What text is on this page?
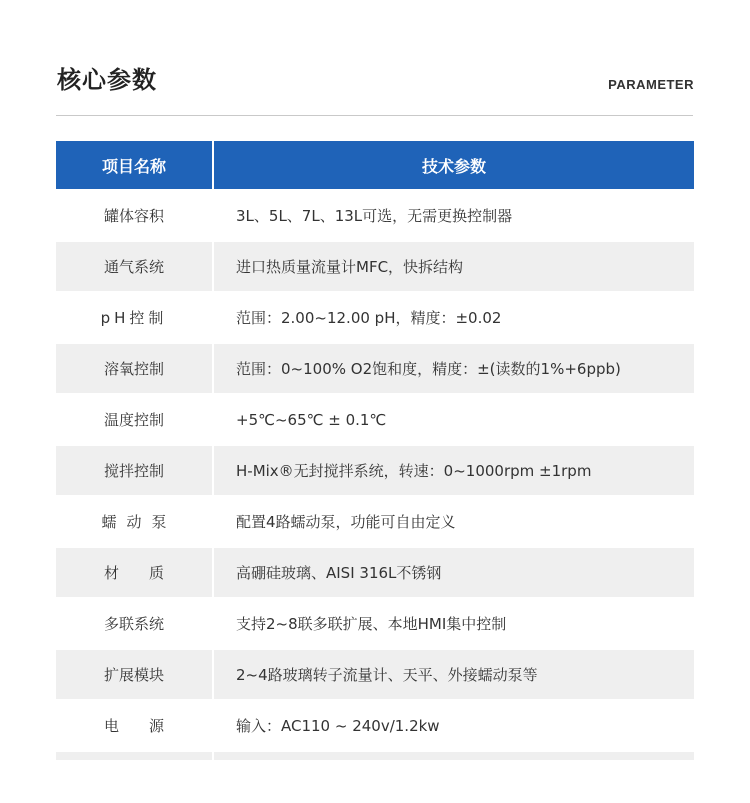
核心参数	PARAMETER
项目名称	技术参数
罐体容积	3L、5L、7L、13L可选，无需更换控制器
通气系统	进口热质量流量计MFC，快拆结构
pH控制	范围：2.00~12.00 pH，精度：±0.02
溶氧控制	范围：0~100% O2饱和度，精度：±(读数的1%+6ppb)
温度控制	+5℃~65℃ ± 0.1℃
搅拌控制	H-Mix®无封搅拌系统，转速：0~1000rpm ±1rpm
蠕动泵	配置4路蠕动泵，功能可自由定义
材质	高硼硅玻璃、AISI 316L不锈钢
多联系统	支持2~8联多联扩展、本地HMI集中控制
扩展模块	2~4路玻璃转子流量计、天平、外接蠕动泵等
电源	输入：AC110 ~ 240v/1.2kw
